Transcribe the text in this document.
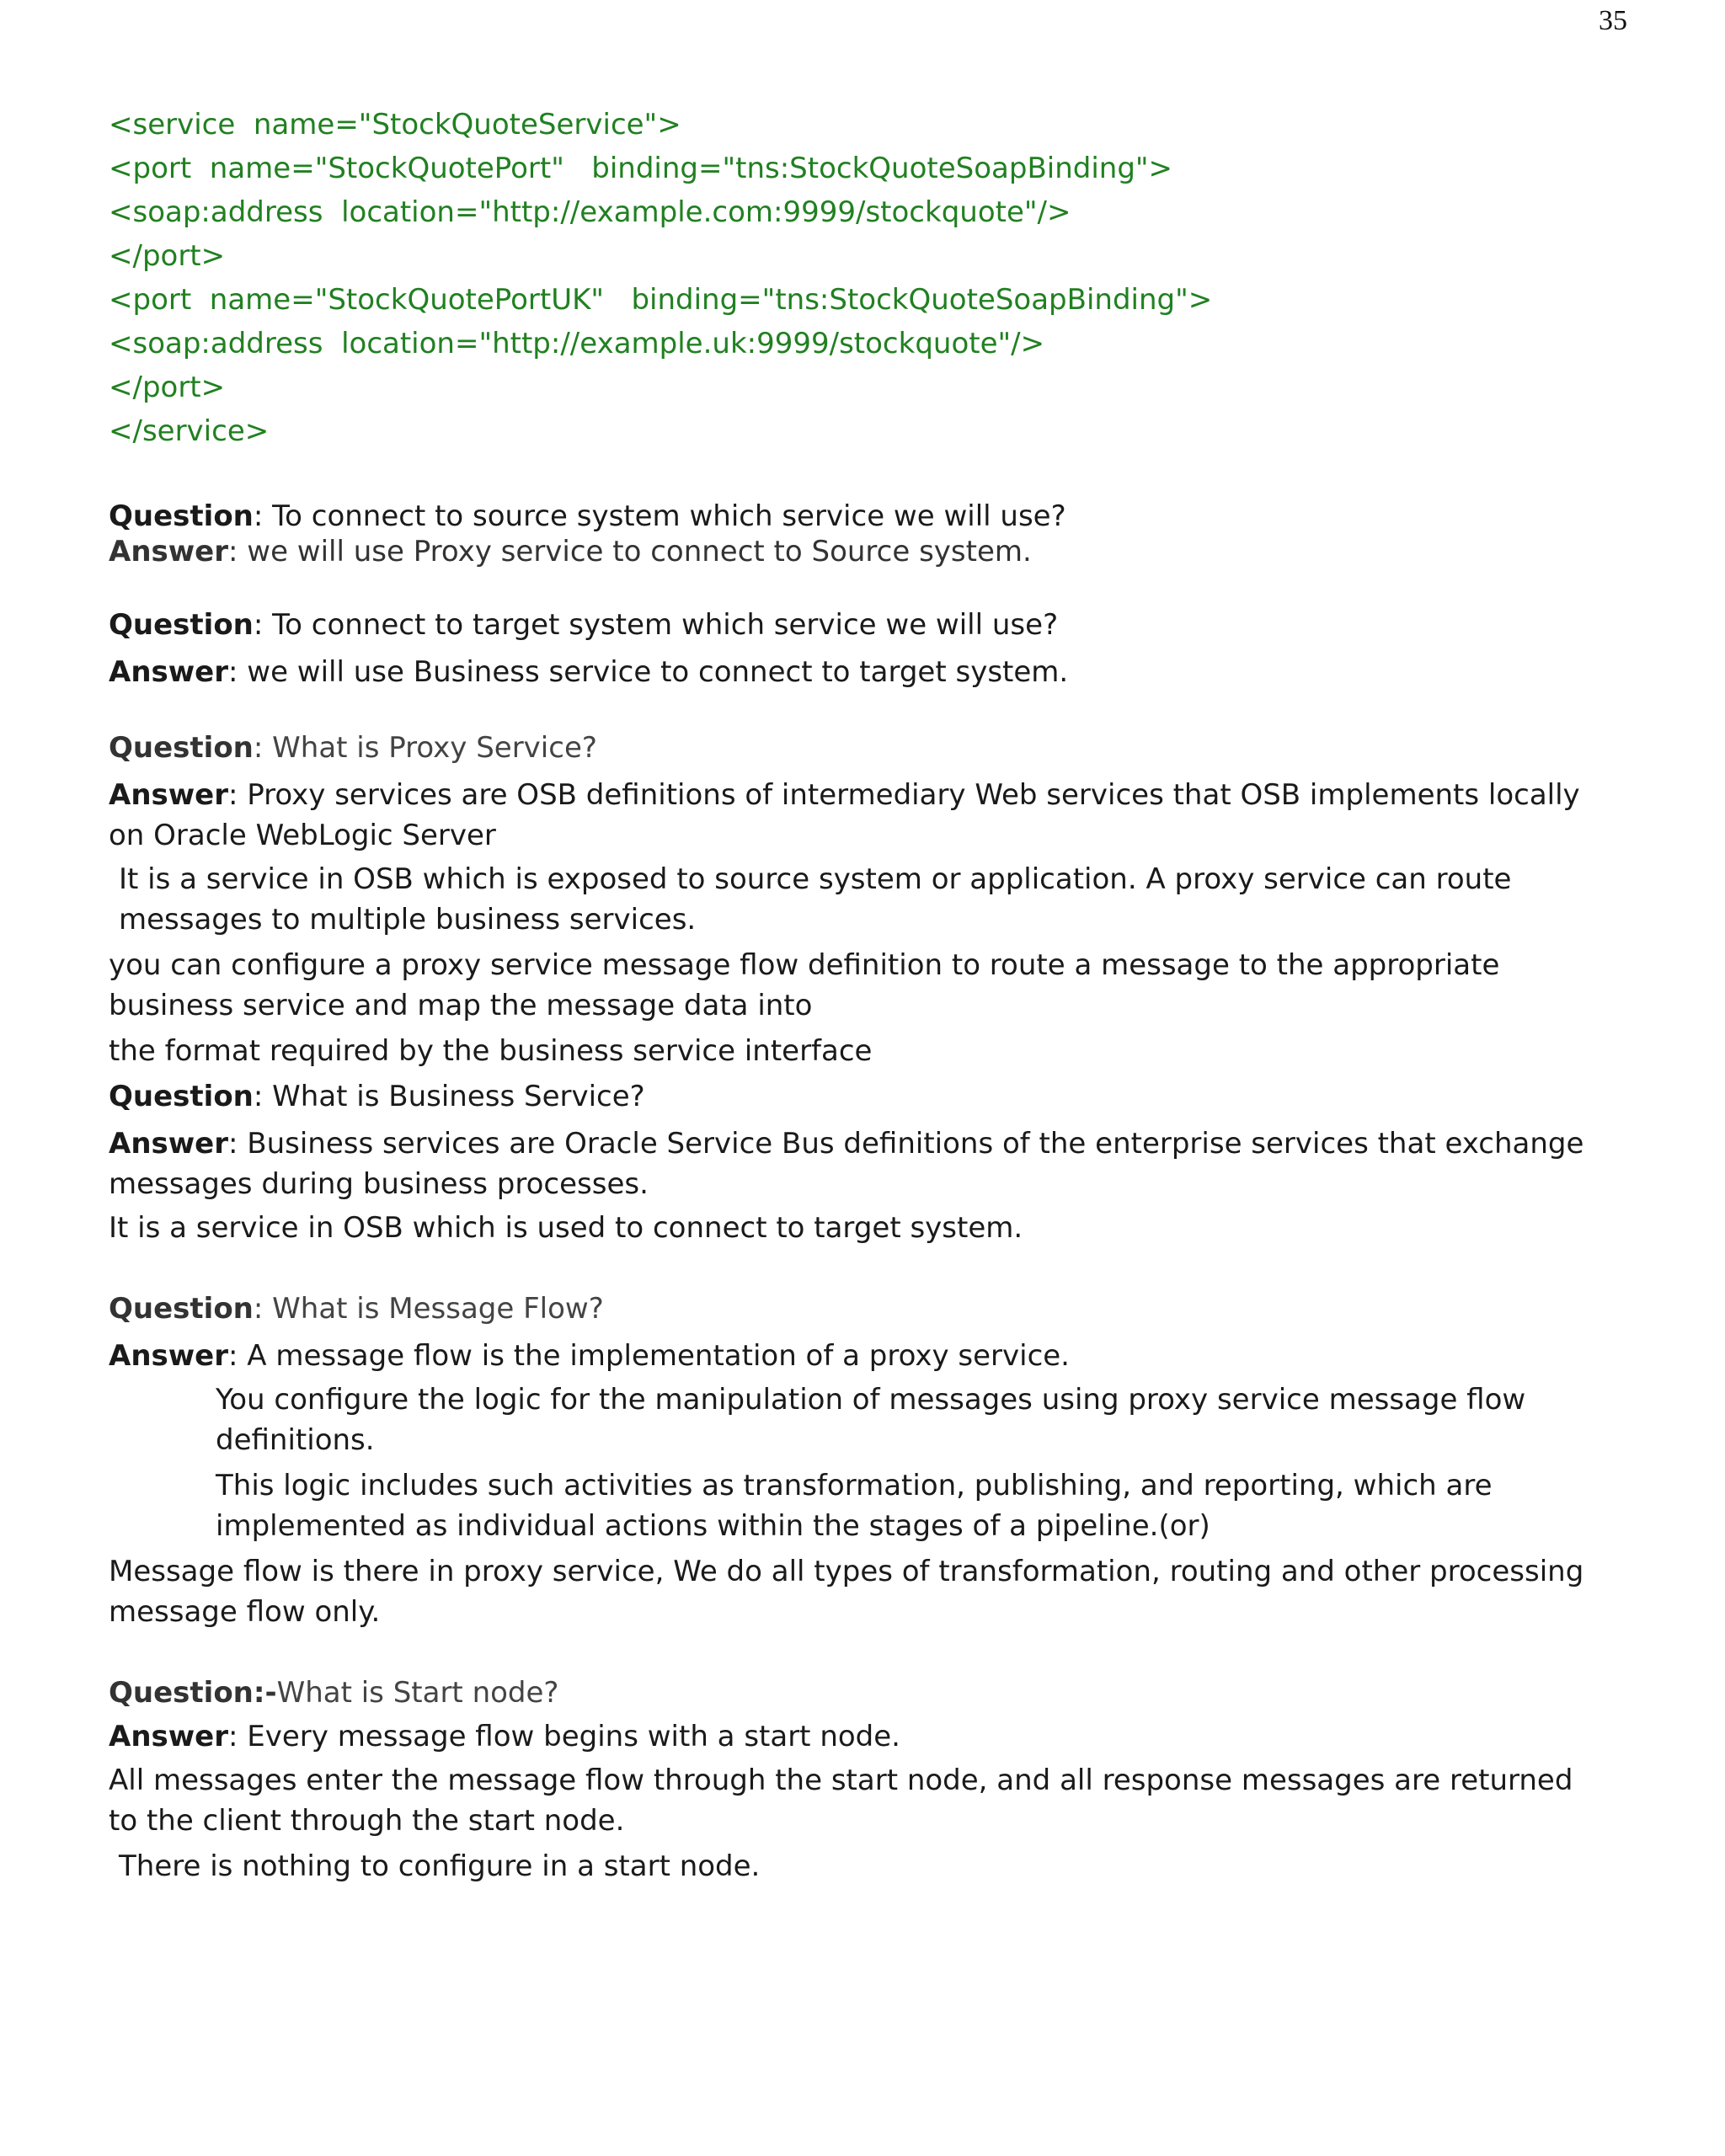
35
<service  name="StockQuoteService">
<port  name="StockQuotePort"   binding="tns:StockQuoteSoapBinding">
<soap:address  location="http://example.com:9999/stockquote"/>
</port>
<port  name="StockQuotePortUK"   binding="tns:StockQuoteSoapBinding">
<soap:address  location="http://example.uk:9999/stockquote"/>
</port>
</service>

Question: To connect to source system which service we will use?

Answer: we will use Proxy service to connect to Source system.

Question: To connect to target system which service we will use?

Answer: we will use Business service to connect to target system.

Question: What is Proxy Service?

Answer: Proxy services are OSB definitions of intermediary Web services that OSB implements locally on Oracle WebLogic Server

It is a service in OSB which is exposed to source system or application. A proxy service can route messages to multiple business services.

you can configure a proxy service message flow definition to route a message to the appropriate business service and map the message data into

the format required by the business service interface

Question: What is Business Service?

Answer: Business services are Oracle Service Bus definitions of the enterprise services that exchange messages during business processes.

It is a service in OSB which is used to connect to target system.

Question: What is Message Flow?

Answer: A message flow is the implementation of a proxy service.

You configure the logic for the manipulation of messages using proxy service message flow definitions.

This logic includes such activities as transformation, publishing, and reporting, which are implemented as individual actions within the stages of a pipeline.(or)

Message flow is there in proxy service, We do all types of transformation, routing and other processing message flow only.

Question:-What is Start node?

Answer: Every message flow begins with a start node.

All messages enter the message flow through the start node, and all response messages are returned to the client through the start node.

There is nothing to configure in a start node.
